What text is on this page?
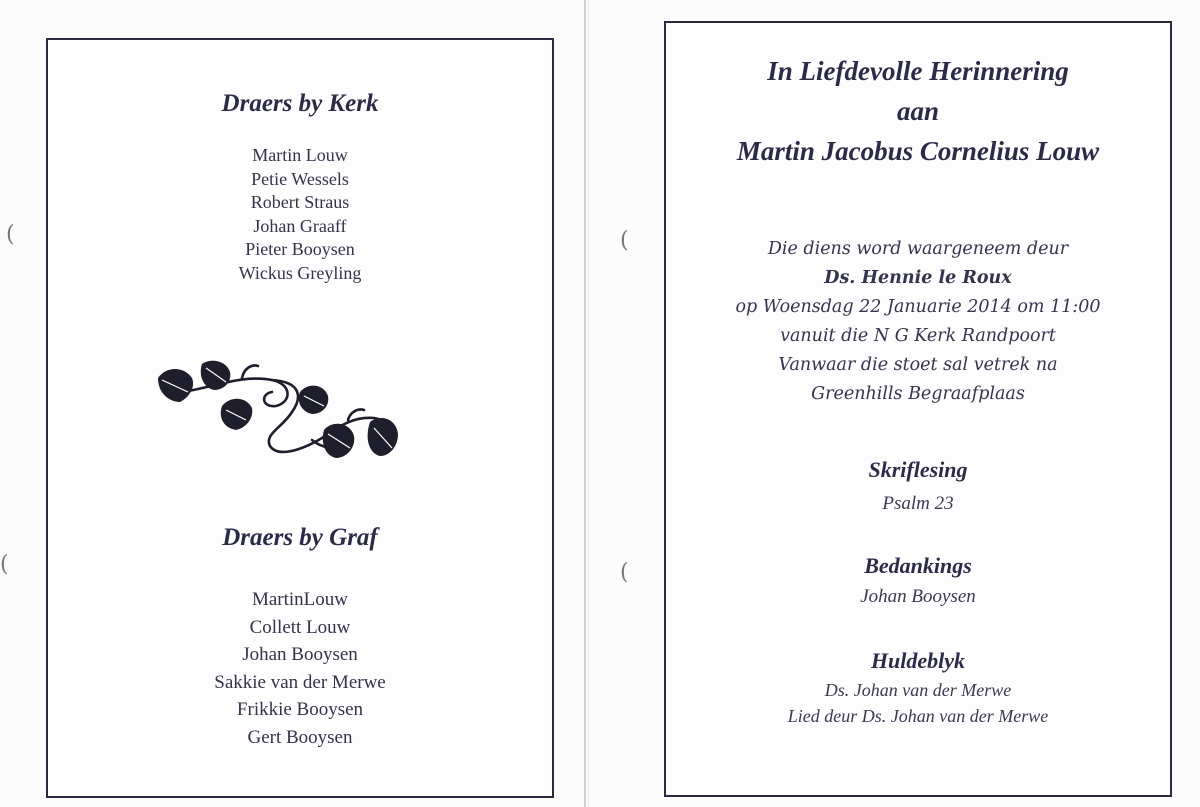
(
(
(
(
Draers by Kerk
Martin Louw
Petie Wessels
Robert Straus
Johan Graaff
Pieter Booysen
Wickus Greyling
Draers by Graf
MartinLouw
Collett Louw
Johan Booysen
Sakkie van der Merwe
Frikkie Booysen
Gert Booysen
In Liefdevolle Herinnering
aan
Martin Jacobus Cornelius Louw
Die diens word waargeneem deur
Ds. Hennie le Roux
op Woensdag 22 Januarie 2014 om 11:00
vanuit die N G Kerk Randpoort
Vanwaar die stoet sal vetrek na
Greenhills Begraafplaas
Skriflesing
Psalm 23
Bedankings
Johan Booysen
Huldeblyk
Ds. Johan van der Merwe
Lied deur Ds. Johan van der Merwe
